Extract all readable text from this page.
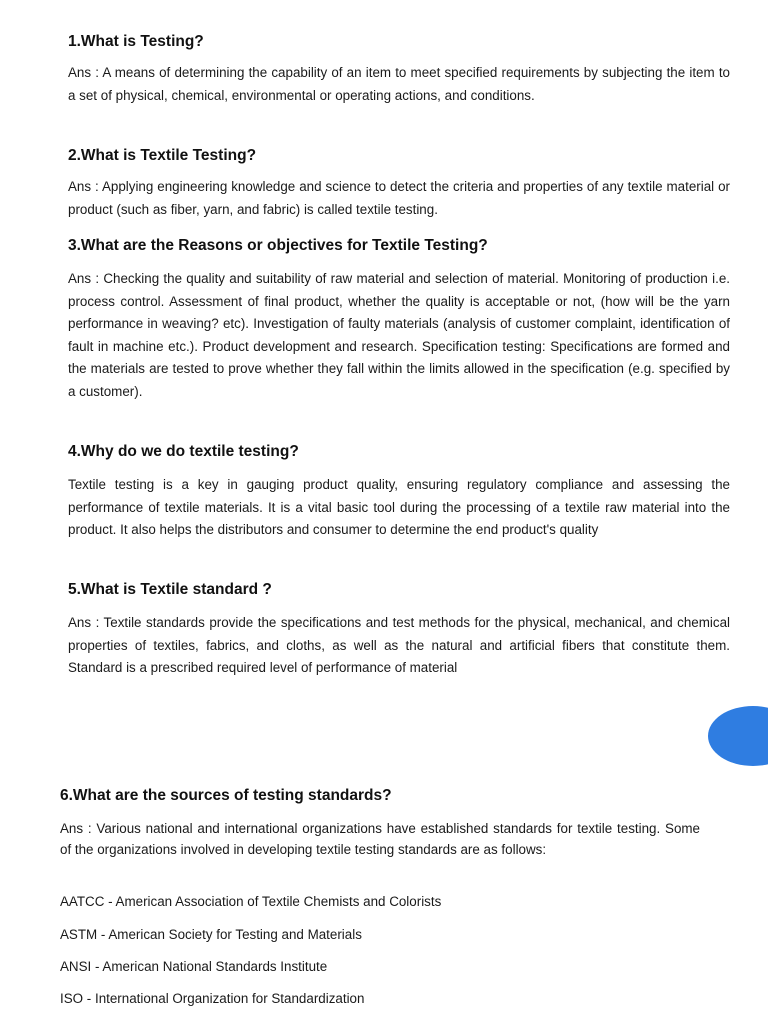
1.What is Testing?

Ans : A means of determining the capability of an item to meet specified requirements by subjecting the item to a set of physical, chemical, environmental or operating actions, and conditions.

2.What is Textile Testing?

Ans : Applying engineering knowledge and science to detect the criteria and properties of any textile material or product (such as fiber, yarn, and fabric) is called textile testing.

3.What are the Reasons or objectives for Textile Testing?

Ans : Checking the quality and suitability of raw material and selection of material. Monitoring of production i.e. process control. Assessment of final product, whether the quality is acceptable or not, (how will be the yarn performance in weaving? etc). Investigation of faulty materials (analysis of customer complaint, identification of fault in machine etc.). Product development and research. Specification testing: Specifications are formed and the materials are tested to prove whether they fall within the limits allowed in the specification (e.g. specified by a customer).

4.Why do we do textile testing?

Textile testing is a key in gauging product quality, ensuring regulatory compliance and assessing the performance of textile materials. It is a vital basic tool during the processing of a textile raw material into the product. It also helps the distributors and consumer to determine the end product's quality

5.What is Textile standard ?

Ans : Textile standards provide the specifications and test methods for the physical, mechanical, and chemical properties of textiles, fabrics, and cloths, as well as the natural and artificial fibers that constitute them. Standard is a prescribed required level of performance of material

6.What are the sources of testing standards?

Ans : Various national and international organizations have established standards for textile testing. Some of the organizations involved in developing textile testing standards are as follows:

AATCC - American Association of Textile Chemists and Colorists
ASTM - American Society for Testing and Materials
ANSI - American National Standards Institute
ISO - International Organization for Standardization
